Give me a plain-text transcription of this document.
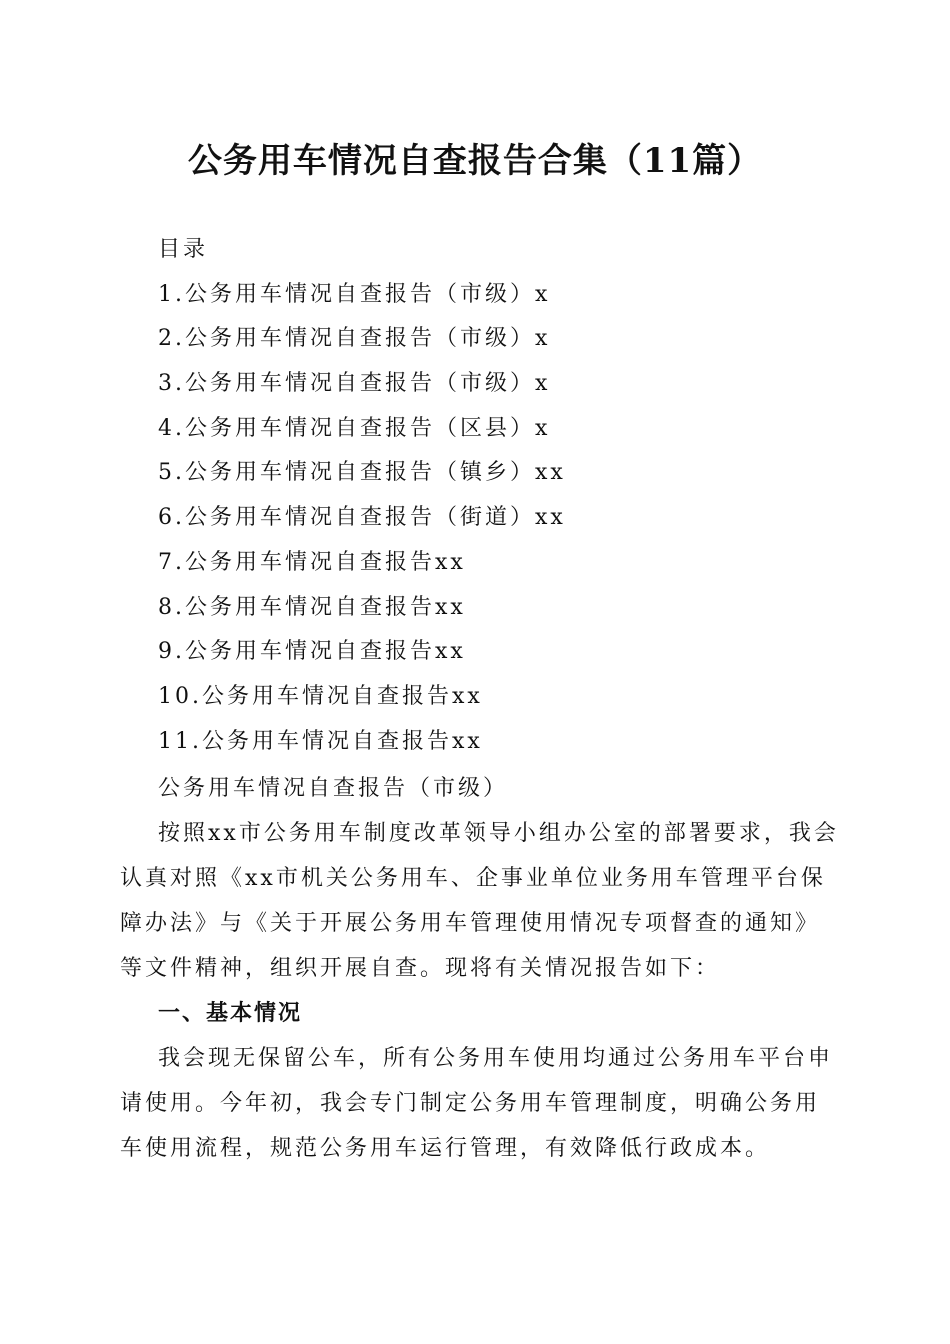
公务用车情况自查报告合集（11篇）
目录
1.公务用车情况自查报告（市级）x
2.公务用车情况自查报告（市级）x
3.公务用车情况自查报告（市级）x
4.公务用车情况自查报告（区县）x
5.公务用车情况自查报告（镇乡）xx
6.公务用车情况自查报告（街道）xx
7.公务用车情况自查报告xx
8.公务用车情况自查报告xx
9.公务用车情况自查报告xx
10.公务用车情况自查报告xx
11.公务用车情况自查报告xx

公务用车情况自查报告（市级）

按照xx市公务用车制度改革领导小组办公室的部署要求，我会认真对照《xx市机关公务用车、企事业单位业务用车管理平台保障办法》与《关于开展公务用车管理使用情况专项督查的通知》等文件精神，组织开展自查。现将有关情况报告如下：

一、基本情况

我会现无保留公车，所有公务用车使用均通过公务用车平台申请使用。今年初，我会专门制定公务用车管理制度，明确公务用车使用流程，规范公务用车运行管理，有效降低行政成本。
